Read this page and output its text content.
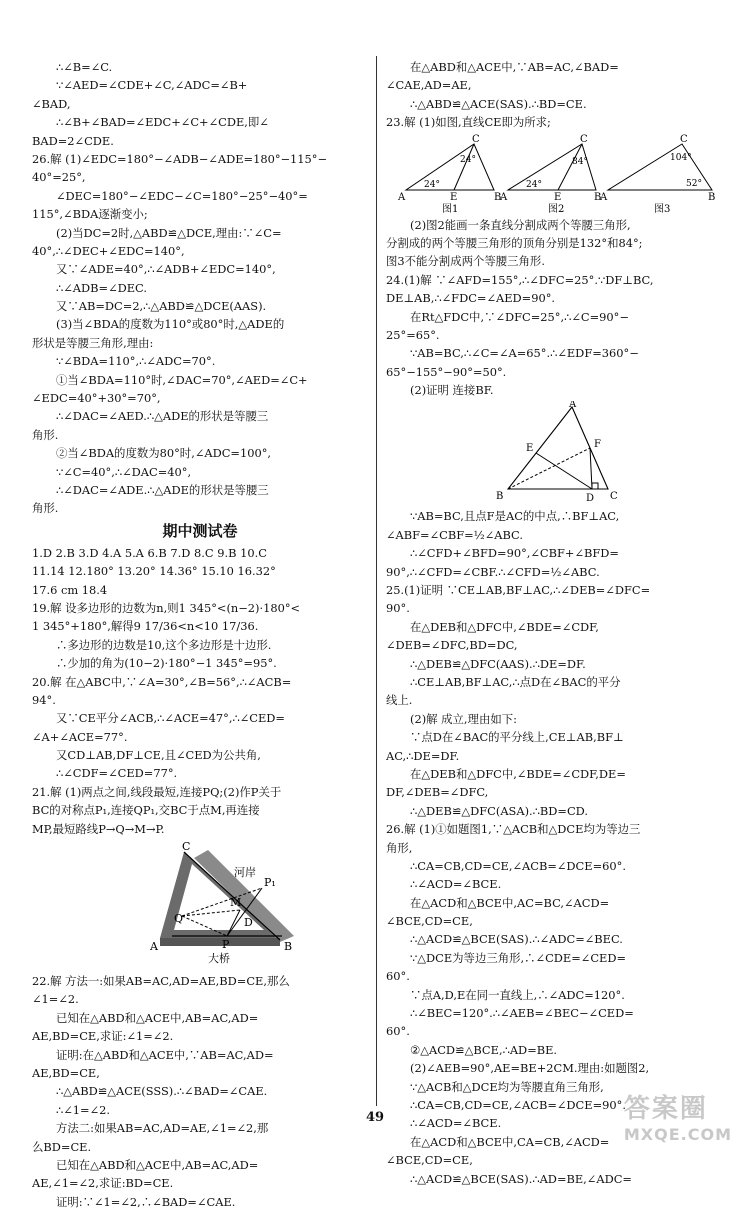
∴∠B=∠C.
∵∠AED=∠CDE+∠C,∠ADC=∠B+
∠BAD,
∴∠B+∠BAD=∠EDC+∠C+∠CDE,即∠
BAD=2∠CDE.
26.解 (1)∠EDC=180°−∠ADB−∠ADE=180°−115°−
40°=25°,
∠DEC=180°−∠EDC−∠C=180°−25°−40°=
115°,∠BDA逐渐变小;
(2)当DC=2时,△ABD≌△DCE,理由:∵∠C=
40°,∴∠DEC+∠EDC=140°,
又∵∠ADE=40°,∴∠ADB+∠EDC=140°,
∴∠ADB=∠DEC.
又∵AB=DC=2,∴△ABD≌△DCE(AAS).
(3)当∠BDA的度数为110°或80°时,△ADE的
形状是等腰三角形,理由:
∵∠BDA=110°,∴∠ADC=70°.
①当∠BDA=110°时,∠DAC=70°,∠AED=∠C+
∠EDC=40°+30°=70°,
∴∠DAC=∠AED.∴△ADE的形状是等腰三
角形.
②当∠BDA的度数为80°时,∠ADC=100°,
∵∠C=40°,∴∠DAC=40°,
∴∠DAC=∠ADE.∴△ADE的形状是等腰三
角形.
期中测试卷
1.D 2.B 3.D 4.A 5.A 6.B 7.D 8.C 9.B 10.C
11.14 12.180° 13.20° 14.36° 15.10 16.32°
17.6 cm 18.4
19.解 设多边形的边数为n,则1 345°<(n−2)·180°<
1 345°+180°,解得9 17/36<n<10 17/36.
∴多边形的边数是10,这个多边形是十边形.
∴少加的角为(10−2)·180°−1 345°=95°.
20.解 在△ABC中,∵∠A=30°,∠B=56°,∴∠ACB=
94°.
又∵CE平分∠ACB,∴∠ACE=47°,∴∠CED=
∠A+∠ACE=77°.
又CD⊥AB,DF⊥CE,且∠CED为公共角,
∴∠CDF=∠CED=77°.
21.解 (1)两点之间,线段最短,连接PQ;(2)作P关于
BC的对称点P₁,连接QP₁,交BC于点M,再连接
MP,最短路线P→Q→M→P.
C
河岸
P₁
M
Q	D
A	P
大桥
B
22.解 方法一:如果AB=AC,AD=AE,BD=CE,那么
∠1=∠2.
已知在△ABD和△ACE中,AB=AC,AD=
AE,BD=CE,求证:∠1=∠2.
证明:在△ABD和△ACE中,∵AB=AC,AD=
AE,BD=CE,
∴△ABD≌△ACE(SSS).∴∠BAD=∠CAE.
∴∠1=∠2.
方法二:如果AB=AC,AD=AE,∠1=∠2,那
么BD=CE.
已知在△ABD和△ACE中,AB=AC,AD=
AE,∠1=∠2,求证:BD=CE.
证明:∵∠1=∠2,∴∠BAD=∠CAE.
在△ABD和△ACE中,∵AB=AC,∠BAD=
∠CAE,AD=AE,
∴△ABD≌△ACE(SAS).∴BD=CE.
23.解 (1)如图,直线CE即为所求;
C
24°
24°
A	E	B
图1
C
84°
24°
A	E	B
图2
C
104°
52°
A	B
图3
(2)图2能画一条直线分割成两个等腰三角形,
分割成的两个等腰三角形的顶角分别是132°和84°;
图3不能分割成两个等腰三角形.
24.(1)解 ∵∠AFD=155°,∴∠DFC=25°.∵DF⊥BC,
DE⊥AB,∴∠FDC=∠AED=90°.
在Rt△FDC中,∵∠DFC=25°,∴∠C=90°−
25°=65°.
∵AB=BC,∴∠C=∠A=65°.∴∠EDF=360°−
65°−155°−90°=50°.
(2)证明 连接BF.
A
E	F
B	D C
∵AB=BC,且点F是AC的中点,∴BF⊥AC,
∠ABF=∠CBF=½∠ABC.
∴∠CFD+∠BFD=90°,∠CBF+∠BFD=
90°,∴∠CFD=∠CBF.∴∠CFD=½∠ABC.
25.(1)证明 ∵CE⊥AB,BF⊥AC,∴∠DEB=∠DFC=
90°.
在△DEB和△DFC中,∠BDE=∠CDF,
∠DEB=∠DFC,BD=DC,
∴△DEB≌△DFC(AAS).∴DE=DF.
∴CE⊥AB,BF⊥AC,∴点D在∠BAC的平分
线上.
(2)解 成立,理由如下:
∵点D在∠BAC的平分线上,CE⊥AB,BF⊥
AC,∴DE=DF.
在△DEB和△DFC中,∠BDE=∠CDF,DE=
DF,∠DEB=∠DFC,
∴△DEB≌△DFC(ASA).∴BD=CD.
26.解 (1)①如题图1,∵△ACB和△DCE均为等边三
角形,
∴CA=CB,CD=CE,∠ACB=∠DCE=60°.
∴∠ACD=∠BCE.
在△ACD和△BCE中,AC=BC,∠ACD=
∠BCE,CD=CE,
∴△ACD≌△BCE(SAS).∴∠ADC=∠BEC.
∵△DCE为等边三角形,∴∠CDE=∠CED=
60°.
∵点A,D,E在同一直线上,∴∠ADC=120°.
∴∠BEC=120°.∴∠AEB=∠BEC−∠CED=
60°.
②△ACD≌△BCE,∴AD=BE.
(2)∠AEB=90°,AE=BE+2CM.理由:如题图2,
∵△ACB和△DCE均为等腰直角三角形,
∴CA=CB,CD=CE,∠ACB=∠DCE=90°.
∴∠ACD=∠BCE.
在△ACD和△BCE中,CA=CB,∠ACD=
∠BCE,CD=CE,
∴△ACD≌△BCE(SAS).∴AD=BE,∠ADC=
49	答案圈
MXQE.COM
